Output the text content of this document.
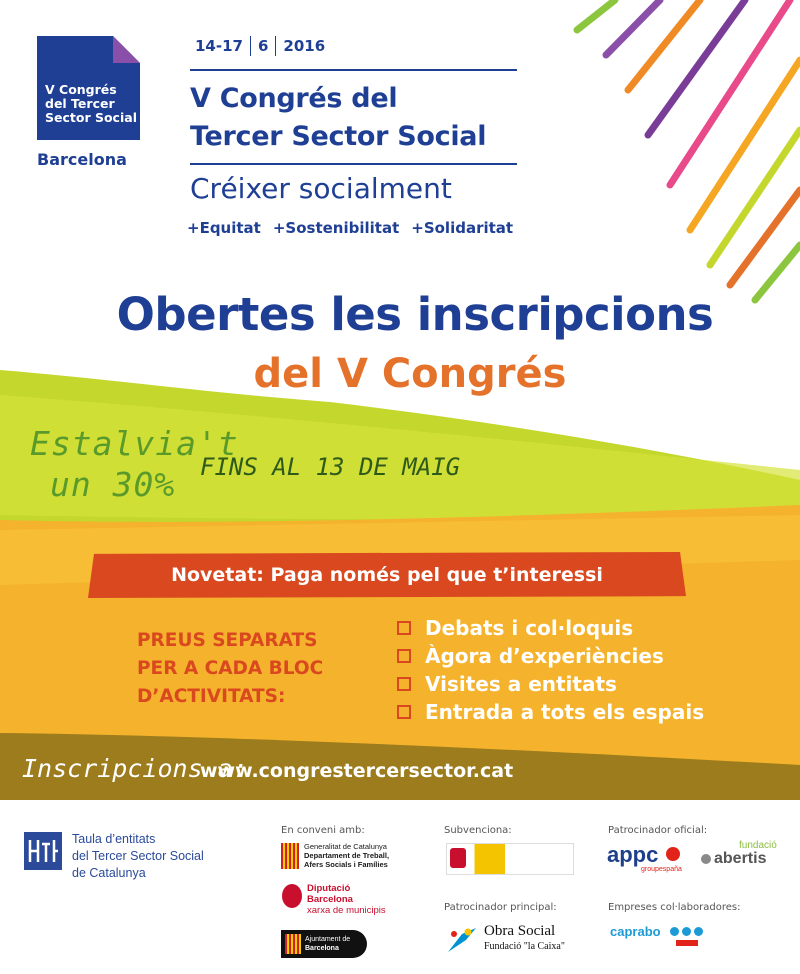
V Congrés
del Tercer
Sector Social
Barcelona
14-17 6 2016
V Congrés del
Tercer Sector Social
Créixer socialment
+Equitat +Sostenibilitat +Solidaritat
Obertes les inscripcions
del V Congrés
Estalvia't
un 30% FINS AL 13 DE MAIG
Novetat: Paga només pel que t’interessi
PREUS SEPARATS
PER A CADA BLOC
D’ACTIVITATS:
Debats i col·loquis
Àgora d’experiències
Visites a entitats
Entrada a tots els espais
Inscripcions a:
www.congrestercersector.cat
Taula d’entitats
del Tercer Sector Social
de Catalunya
En conveni amb:
Generalitat de Catalunya
Departament de Treball,
Afers Socials i Famílies
Diputació
Barcelona
xarxa de municipis
Ajuntament de
Barcelona
Subvenciona:
Patrocinador principal:
Obra Social
Fundació "la Caixa"
Patrocinador oficial:
appc
groupespaña
fundació
abertis
Empreses col·laboradores:
caprabo
